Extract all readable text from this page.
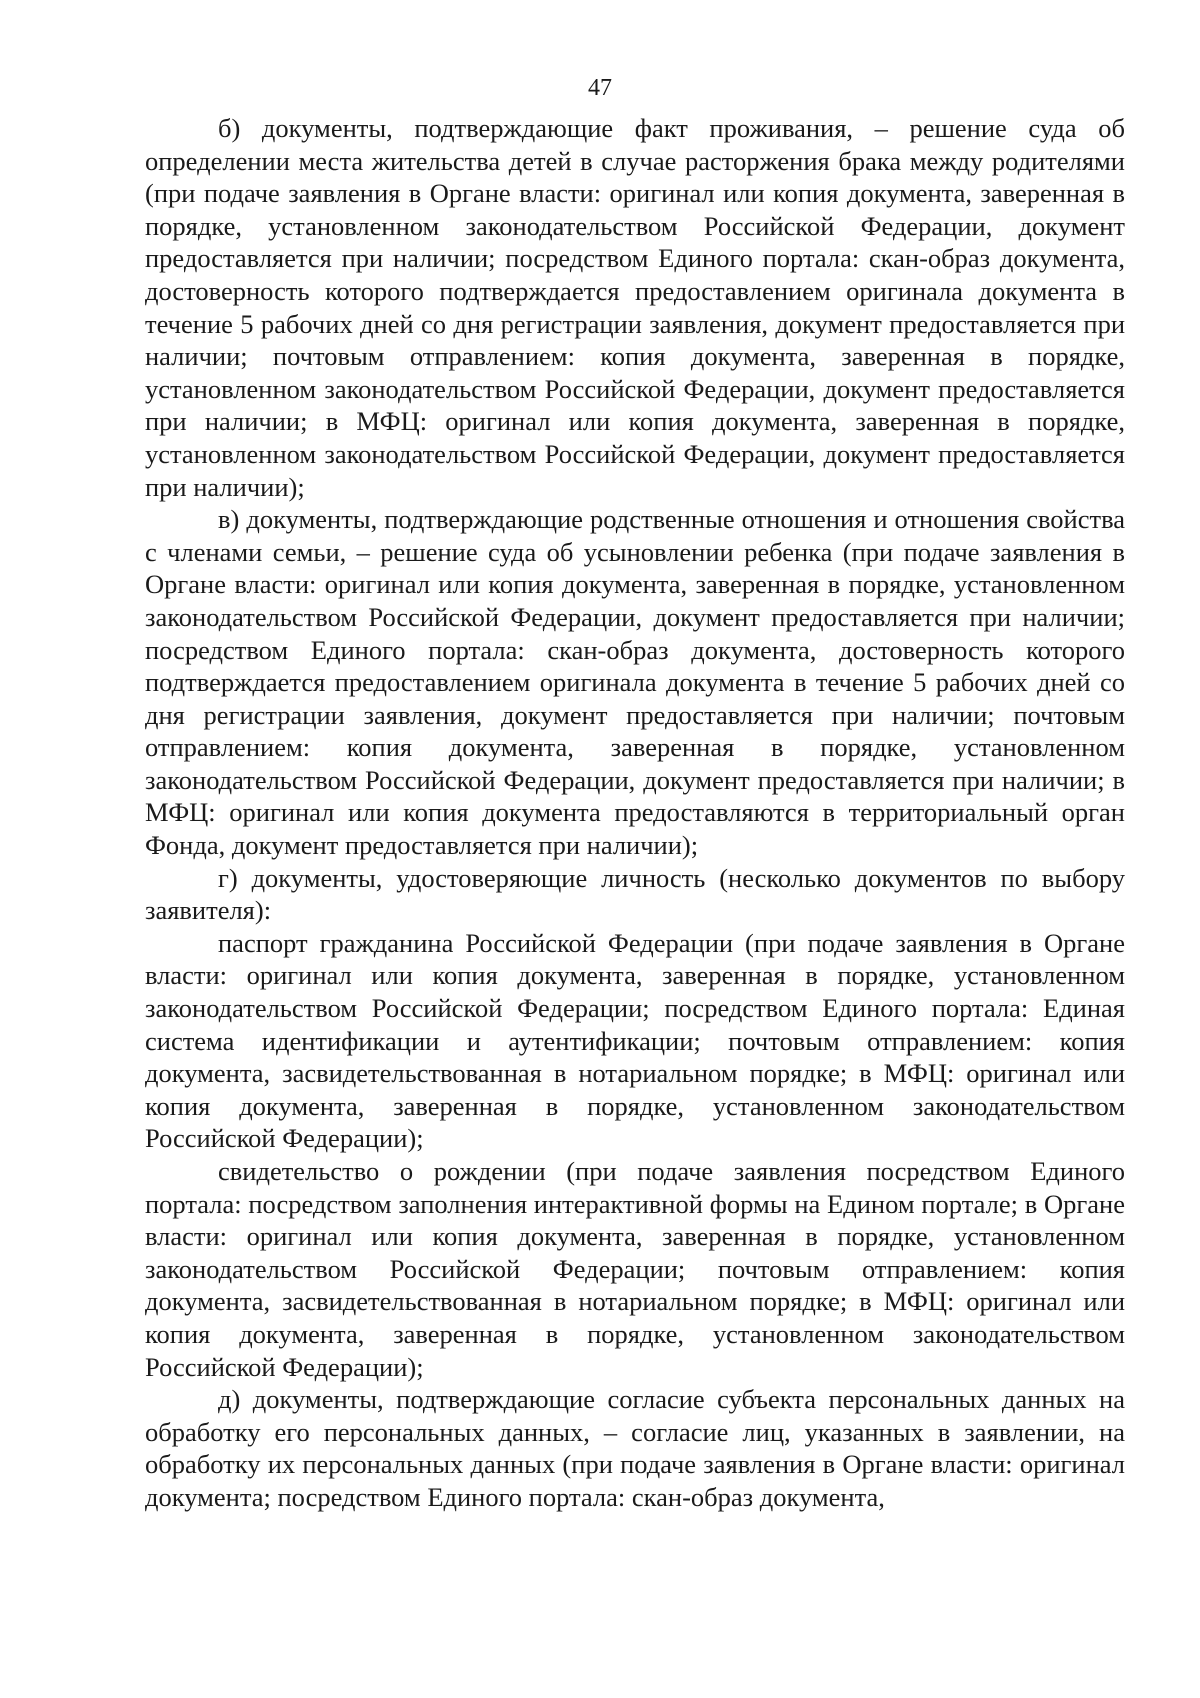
47

б) документы, подтверждающие факт проживания, – решение суда об определении места жительства детей в случае расторжения брака между родителями (при подаче заявления в Органе власти: оригинал или копия документа, заверенная в порядке, установленном законодательством Российской Федерации, документ предоставляется при наличии; посредством Единого портала: скан-образ документа, достоверность которого подтверждается предоставлением оригинала документа в течение 5 рабочих дней со дня регистрации заявления, документ предоставляется при наличии; почтовым отправлением: копия документа, заверенная в порядке, установленном законодательством Российской Федерации, документ предоставляется при наличии; в МФЦ: оригинал или копия документа, заверенная в порядке, установленном законодательством Российской Федерации, документ предоставляется при наличии);

в) документы, подтверждающие родственные отношения и отношения свойства с членами семьи, – решение суда об усыновлении ребенка (при подаче заявления в Органе власти: оригинал или копия документа, заверенная в порядке, установленном законодательством Российской Федерации, документ предоставляется при наличии; посредством Единого портала: скан-образ документа, достоверность которого подтверждается предоставлением оригинала документа в течение 5 рабочих дней со дня регистрации заявления, документ предоставляется при наличии; почтовым отправлением: копия документа, заверенная в порядке, установленном законодательством Российской Федерации, документ предоставляется при наличии; в МФЦ: оригинал или копия документа предоставляются в территориальный орган Фонда, документ предоставляется при наличии);

г) документы, удостоверяющие личность (несколько документов по выбору заявителя):

паспорт гражданина Российской Федерации (при подаче заявления в Органе власти: оригинал или копия документа, заверенная в порядке, установленном законодательством Российской Федерации; посредством Единого портала: Единая система идентификации и аутентификации; почтовым отправлением: копия документа, засвидетельствованная в нотариальном порядке; в МФЦ: оригинал или копия документа, заверенная в порядке, установленном законодательством Российской Федерации);

свидетельство о рождении (при подаче заявления посредством Единого портала: посредством заполнения интерактивной формы на Едином портале; в Органе власти: оригинал или копия документа, заверенная в порядке, установленном законодательством Российской Федерации; почтовым отправлением: копия документа, засвидетельствованная в нотариальном порядке; в МФЦ: оригинал или копия документа, заверенная в порядке, установленном законодательством Российской Федерации);

д) документы, подтверждающие согласие субъекта персональных данных на обработку его персональных данных, – согласие лиц, указанных в заявлении, на обработку их персональных данных (при подаче заявления в Органе власти: оригинал документа; посредством Единого портала: скан-образ документа,
